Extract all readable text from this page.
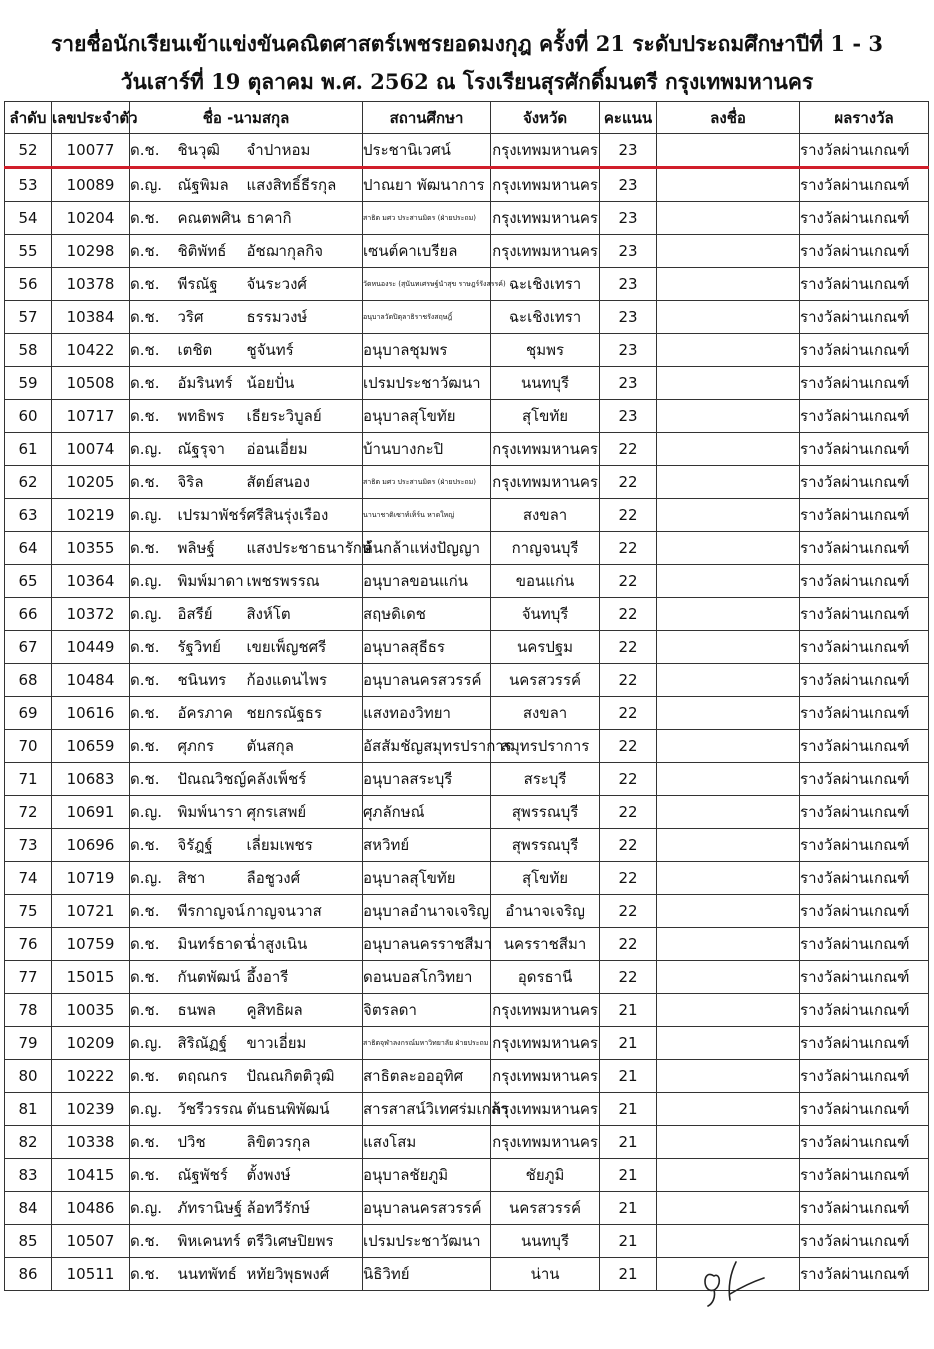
รายชื่อนักเรียนเข้าแข่งขันคณิตศาสตร์เพชรยอดมงกุฎ ครั้งที่ 21 ระดับประถมศึกษาปีที่ 1 - 3
วันเสาร์ที่ 19 ตุลาคม พ.ศ. 2562 ณ โรงเรียนสุรศักดิ์มนตรี กรุงเทพมหานคร
ลำดับ	เลขประจำตัว	ชื่อ -นามสกุล			สถานศึกษา	จังหวัด	คะแนน	ลงชื่อ	ผลรางวัล
52	10077	ด.ช.	ชินวุฒิ	จำปาหอม	ประชานิเวศน์	กรุงเทพมหานคร	23		รางวัลผ่านเกณฑ์
53	10089	ด.ญ.	ณัฐพิมล	แสงสิทธิ์ธีรกุล	ปาณยา พัฒนาการ	กรุงเทพมหานคร	23		รางวัลผ่านเกณฑ์
54	10204	ด.ช.	คณตพศิน	ธาคากิ	สาธิต มศว ประสานมิตร (ฝ่ายประถม)	กรุงเทพมหานคร	23		รางวัลผ่านเกณฑ์
55	10298	ด.ช.	ชิติพัทธ์	อัชฌากุลกิจ	เซนต์คาเบรียล	กรุงเทพมหานคร	23		รางวัลผ่านเกณฑ์
56	10378	ด.ช.	พีรณัฐ	จันระวงศ์	วัดหนองระ (สุนันทเศรษฐ์นำสุข ราษฎร์รังสรรค์)	ฉะเชิงเทรา	23		รางวัลผ่านเกณฑ์
57	10384	ด.ช.	วริศ	ธรรมวงษ์	อนุบาลวัดปิตุลาธิราชรังสฤษฎิ์	ฉะเชิงเทรา	23		รางวัลผ่านเกณฑ์
58	10422	ด.ช.	เตชิต	ชูจันทร์	อนุบาลชุมพร	ชุมพร	23		รางวัลผ่านเกณฑ์
59	10508	ด.ช.	อัมรินทร์	น้อยปั่น	เปรมประชาวัฒนา	นนทบุรี	23		รางวัลผ่านเกณฑ์
60	10717	ด.ช.	พทธิพร	เธียระวิบูลย์	อนุบาลสุโขทัย	สุโขทัย	23		รางวัลผ่านเกณฑ์
61	10074	ด.ญ.	ณัฐรุจา	อ่อนเอี่ยม	บ้านบางกะปิ	กรุงเทพมหานคร	22		รางวัลผ่านเกณฑ์
62	10205	ด.ช.	จิริล	สัตย์สนอง	สาธิต มศว ประสานมิตร (ฝ่ายประถม)	กรุงเทพมหานคร	22		รางวัลผ่านเกณฑ์
63	10219	ด.ญ.	เปรมาพัชร์	ศรีสินรุ่งเรือง	นานาชาติเซาท์เท็ร์น หาดใหญ่	สงขลา	22		รางวัลผ่านเกณฑ์
64	10355	ด.ช.	พลิษฐ์	แสงประชาธนารักษ์	ต้นกล้าแห่งปัญญา	กาญจนบุรี	22		รางวัลผ่านเกณฑ์
65	10364	ด.ญ.	พิมพ์มาดา	เพชรพรรณ	อนุบาลขอนแก่น	ขอนแก่น	22		รางวัลผ่านเกณฑ์
66	10372	ด.ญ.	อิสรีย์	สิงห์โต	สฤษดิเดช	จันทบุรี	22		รางวัลผ่านเกณฑ์
67	10449	ด.ช.	รัฐวิทย์	เขยเพ็ญชศรี	อนุบาลสุธีธร	นครปฐม	22		รางวัลผ่านเกณฑ์
68	10484	ด.ช.	ชนินทร	ก้องแดนไพร	อนุบาลนครสวรรค์	นครสวรรค์	22		รางวัลผ่านเกณฑ์
69	10616	ด.ช.	อัครภาค	ชยกรณัฐธร	แสงทองวิทยา	สงขลา	22		รางวัลผ่านเกณฑ์
70	10659	ด.ช.	ศุภกร	ตันสกุล	อัสสัมชัญสมุทรปราการ	สมุทรปราการ	22		รางวัลผ่านเกณฑ์
71	10683	ด.ช.	ปัณณวิชญ์	คลังเพ็ชร์	อนุบาลสระบุรี	สระบุรี	22		รางวัลผ่านเกณฑ์
72	10691	ด.ญ.	พิมพ์นารา	ศุกรเสพย์	ศุภลักษณ์	สุพรรณบุรี	22		รางวัลผ่านเกณฑ์
73	10696	ด.ช.	จิรัฎฐ์	เลี่ยมเพชร	สหวิทย์	สุพรรณบุรี	22		รางวัลผ่านเกณฑ์
74	10719	ด.ญ.	สิชา	ลือชูวงศ์	อนุบาลสุโขทัย	สุโขทัย	22		รางวัลผ่านเกณฑ์
75	10721	ด.ช.	พีรกาญจน์	กาญจนวาส	อนุบาลอำนาจเจริญ	อำนาจเจริญ	22		รางวัลผ่านเกณฑ์
76	10759	ด.ช.	มินทร์ธาดา	ฉ่ำสูงเนิน	อนุบาลนครราชสีมา	นครราชสีมา	22		รางวัลผ่านเกณฑ์
77	15015	ด.ช.	กันตพัฒน์	อึ้งอารี	ดอนบอสโกวิทยา	อุดรธานี	22		รางวัลผ่านเกณฑ์
78	10035	ด.ช.	ธนพล	คูสิทธิผล	จิตรลดา	กรุงเทพมหานคร	21		รางวัลผ่านเกณฑ์
79	10209	ด.ญ.	สิริณัฏฐ์	ขาวเอี่ยม	สาธิตจุฬาลงกรณ์มหาวิทยาลัย ฝ่ายประถม	กรุงเทพมหานคร	21		รางวัลผ่านเกณฑ์
80	10222	ด.ช.	ตฤณกร	ปัณณกิตติวุฒิ	สาธิตละอออุทิศ	กรุงเทพมหานคร	21		รางวัลผ่านเกณฑ์
81	10239	ด.ญ.	วัชรีวรรณ	ตันธนพิพัฒน์	สารสาสน์วิเทศร่มเกล้า	กรุงเทพมหานคร	21		รางวัลผ่านเกณฑ์
82	10338	ด.ช.	ปวิช	ลิขิตวรกุล	แสงโสม	กรุงเทพมหานคร	21		รางวัลผ่านเกณฑ์
83	10415	ด.ช.	ณัฐพัชร์	ตั้งพงษ์	อนุบาลชัยภูมิ	ชัยภูมิ	21		รางวัลผ่านเกณฑ์
84	10486	ด.ญ.	ภัทรานิษฐ์	ล้อทวีรักษ์	อนุบาลนครสวรรค์	นครสวรรค์	21		รางวัลผ่านเกณฑ์
85	10507	ด.ช.	พิหเคนทร์	ตรีวิเศษปิยพร	เปรมประชาวัฒนา	นนทบุรี	21		รางวัลผ่านเกณฑ์
86	10511	ด.ช.	นนทพัทธ์	หทัยวิพุธพงศ์	นิธิวิทย์	น่าน	21		รางวัลผ่านเกณฑ์
